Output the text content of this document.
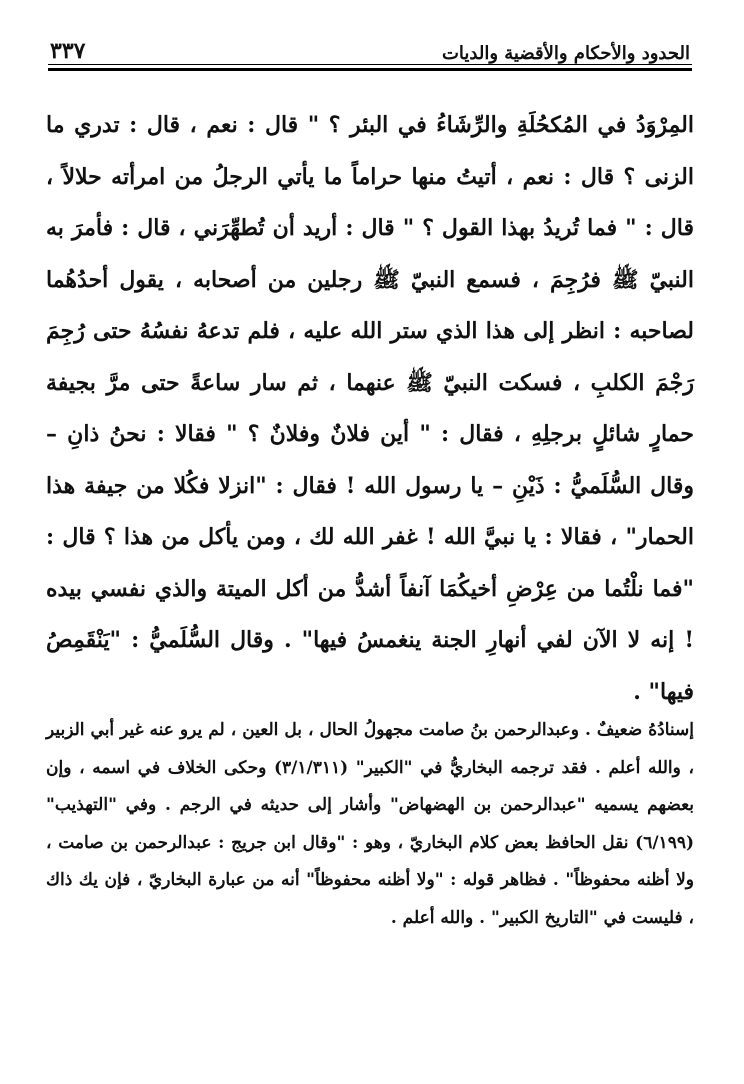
الحدود والأحكام والأقضية والديات
٣٣٧

المِرْوَدُ في المُكحُلَةِ والرِّشَاءُ في البئر ؟ " قال : نعم ، قال : تدري ما الزنى ؟ قال : نعم ، أتيتُ منها حراماً ما يأتي الرجلُ من امرأته حلالاً ، قال : " فما تُريدُ بهذا القول ؟ " قال : أريد أن تُطهِّرَني ، قال : فأمرَ به النبيّ ﷺ فرُجِمَ ، فسمع النبيّ ﷺ رجلين من أصحابه ، يقول أحدُهُما لصاحبه : انظر إلى هذا الذي ستر الله عليه ، فلم تدعهُ نفسُهُ حتى رُجِمَ رَجْمَ الكلبِ ، فسكت النبيّ ﷺ عنهما ، ثم سار ساعةً حتى مرَّ بجيفة حمارٍ شائلٍ برجلِهِ ، فقال : " أين فلانٌ وفلانٌ ؟ " فقالا : نحنُ ذانِ – وقال السُّلَميُّ : ذَيْنِ – يا رسول الله ! فقال : "انزلا فكُلا من جيفة هذا الحمار" ، فقالا : يا نبيَّ الله ! غفر الله لك ، ومن يأكل من هذا ؟ قال : "فما نلْتُما من عِرْضِ أخيكُمَا آنفاً أشدُّ من أكل الميتة والذي نفسي بيده ! إنه لا الآن لفي أنهارِ الجنة ينغمسُ فيها" . وقال السُّلَميُّ : "يَنْقَمِصُ فيها" .

إسنادُهُ ضعيفٌ . وعبدالرحمن بنُ صامت مجهولُ الحال ، بل العين ، لم يرو عنه غير أبي الزبير ، والله أعلم . فقد ترجمه البخاريُّ في "الكبير" (٣/١/٣١١) وحكى الخلاف في اسمه ، وإن بعضهم يسميه "عبدالرحمن بن الهضهاض" وأشار إلى حديثه في الرجم . وفي "التهذيب" (٦/١٩٩) نقل الحافظ بعض كلام البخاريّ ، وهو : "وقال ابن جريج : عبدالرحمن بن صامت ، ولا أظنه محفوظاً" . فظاهر قوله : "ولا أظنه محفوظاً" أنه من عبارة البخاريّ ، فإن يك ذاك ، فليست في "التاريخ الكبير" . والله أعلم .
